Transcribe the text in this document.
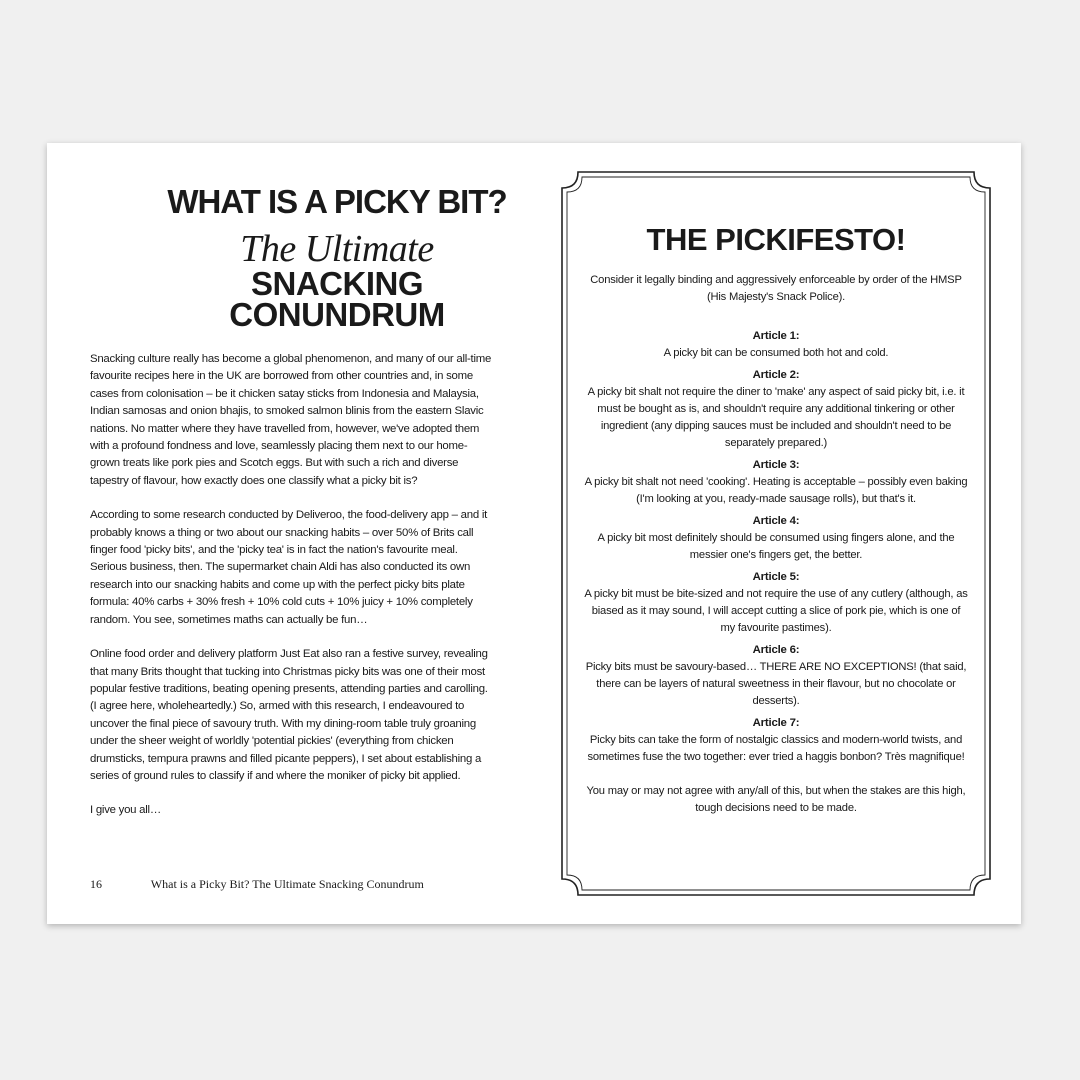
WHAT IS A PICKY BIT?
The Ultimate
SNACKING
CONUNDRUM

Snacking culture really has become a global phenomenon, and many of our all-time favourite recipes here in the UK are borrowed from other countries and, in some cases from colonisation – be it chicken satay sticks from Indonesia and Malaysia, Indian samosas and onion bhajis, to smoked salmon blinis from the eastern Slavic nations. No matter where they have travelled from, however, we've adopted them with a profound fondness and love, seamlessly placing them next to our home-grown treats like pork pies and Scotch eggs. But with such a rich and diverse tapestry of flavour, how exactly does one classify what a picky bit is?

According to some research conducted by Deliveroo, the food-delivery app – and it probably knows a thing or two about our snacking habits – over 50% of Brits call finger food 'picky bits', and the 'picky tea' is in fact the nation's favourite meal. Serious business, then. The supermarket chain Aldi has also conducted its own research into our snacking habits and come up with the perfect picky bits plate formula: 40% carbs + 30% fresh + 10% cold cuts + 10% juicy + 10% completely random. You see, sometimes maths can actually be fun…

Online food order and delivery platform Just Eat also ran a festive survey, revealing that many Brits thought that tucking into Christmas picky bits was one of their most popular festive traditions, beating opening presents, attending parties and carolling. (I agree here, wholeheartedly.) So, armed with this research, I endeavoured to uncover the final piece of savoury truth. With my dining-room table truly groaning under the sheer weight of worldly 'potential pickies' (everything from chicken drumsticks, tempura prawns and filled picante peppers), I set about establishing a series of ground rules to classify if and where the moniker of picky bit applied.

I give you all…

16	What is a Picky Bit? The Ultimate Snacking Conundrum
THE PICKIFESTO!

Consider it legally binding and aggressively enforceable by order of the HMSP (His Majesty's Snack Police).

Article 1:

A picky bit can be consumed both hot and cold.

Article 2:

A picky bit shalt not require the diner to 'make' any aspect of said picky bit, i.e. it must be bought as is, and shouldn't require any additional tinkering or other ingredient (any dipping sauces must be included and shouldn't need to be separately prepared.)

Article 3:

A picky bit shalt not need 'cooking'. Heating is acceptable – possibly even baking (I'm looking at you, ready-made sausage rolls), but that's it.

Article 4:

A picky bit most definitely should be consumed using fingers alone, and the messier one's fingers get, the better.

Article 5:

A picky bit must be bite-sized and not require the use of any cutlery (although, as biased as it may sound, I will accept cutting a slice of pork pie, which is one of my favourite pastimes).

Article 6:

Picky bits must be savoury-based… THERE ARE NO EXCEPTIONS! (that said, there can be layers of natural sweetness in their flavour, but no chocolate or desserts).

Article 7:

Picky bits can take the form of nostalgic classics and modern-world twists, and sometimes fuse the two together: ever tried a haggis bonbon? Très magnifique!

You may or may not agree with any/all of this, but when the stakes are this high, tough decisions need to be made.
